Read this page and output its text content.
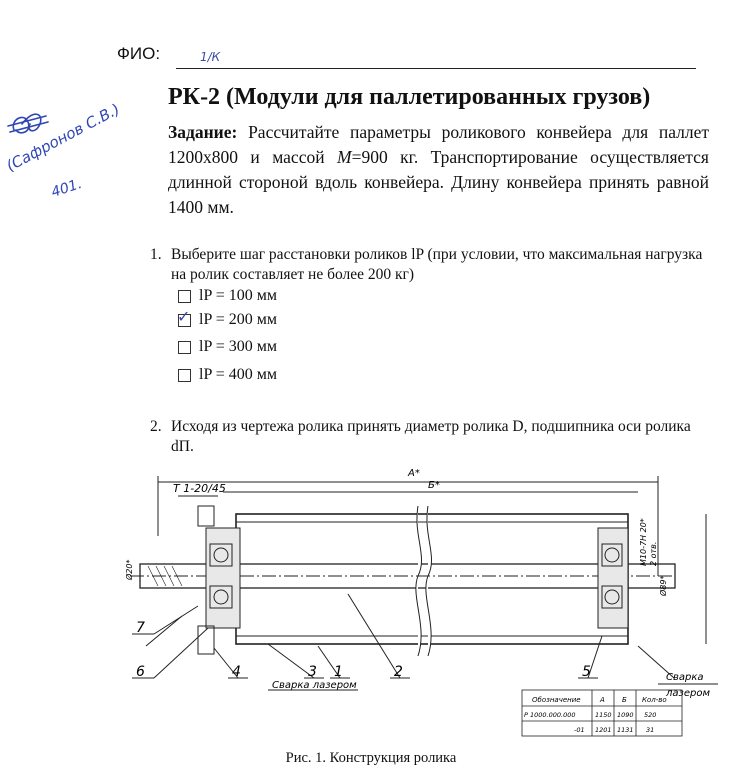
ФИО:	1/К
(Сафронов С.В.)
401.
РК-2 (Модули для паллетированных грузов)
Задание: Рассчитайте параметры роликового конвейера для паллет 1200x800 и массой M=900 кг. Транспортирование осуществляется длинной стороной вдоль конвейера. Длину конвейера принять равной 1400 мм.
1. Выберите шаг расстановки роликов lP (при условии, что максимальная нагрузка на ролик составляет не более 200 кг)
lP = 100 мм
✓ lP = 200 мм
lP = 300 мм
lP = 400 мм
2. Исходя из чертежа ролика принять диаметр ролика D, подшипника оси ролика dП.
A*
Б*
T 1-20/45
Ø20*
Ø89*
M10-7H 20* 2 отв.
7
6	4	3 1	2	5
Сварка лазером
Сварка
лазером
Обозначение	А Б Кол-во
Р 1000.000.000	1150 1090 520
-01 1201 1131 31
Рис. 1. Конструкция ролика
